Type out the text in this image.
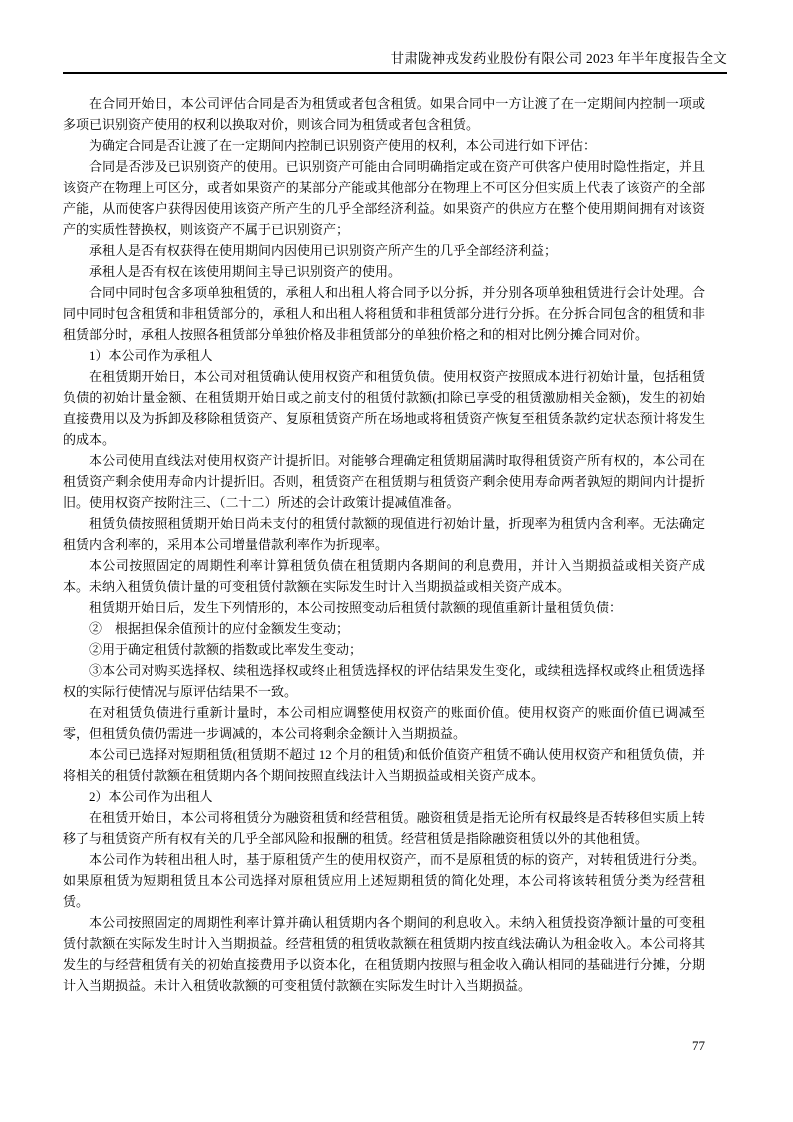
甘肃陇神戎发药业股份有限公司 2023 年半年度报告全文

在合同开始日，本公司评估合同是否为租赁或者包含租赁。如果合同中一方让渡了在一定期间内控制一项或多项已识别资产使用的权利以换取对价，则该合同为租赁或者包含租赁。

为确定合同是否让渡了在一定期间内控制已识别资产使用的权利，本公司进行如下评估：

合同是否涉及已识别资产的使用。已识别资产可能由合同明确指定或在资产可供客户使用时隐性指定，并且该资产在物理上可区分，或者如果资产的某部分产能或其他部分在物理上不可区分但实质上代表了该资产的全部产能，从而使客户获得因使用该资产所产生的几乎全部经济利益。如果资产的供应方在整个使用期间拥有对该资产的实质性替换权，则该资产不属于已识别资产；

承租人是否有权获得在使用期间内因使用已识别资产所产生的几乎全部经济利益；

承租人是否有权在该使用期间主导已识别资产的使用。

合同中同时包含多项单独租赁的，承租人和出租人将合同予以分拆，并分别各项单独租赁进行会计处理。合同中同时包含租赁和非租赁部分的，承租人和出租人将租赁和非租赁部分进行分拆。在分拆合同包含的租赁和非租赁部分时，承租人按照各租赁部分单独价格及非租赁部分的单独价格之和的相对比例分摊合同对价。

1）本公司作为承租人

在租赁期开始日，本公司对租赁确认使用权资产和租赁负债。使用权资产按照成本进行初始计量，包括租赁负债的初始计量金额、在租赁期开始日或之前支付的租赁付款额(扣除已享受的租赁激励相关金额)，发生的初始直接费用以及为拆卸及移除租赁资产、复原租赁资产所在场地或将租赁资产恢复至租赁条款约定状态预计将发生的成本。

本公司使用直线法对使用权资产计提折旧。对能够合理确定租赁期届满时取得租赁资产所有权的，本公司在租赁资产剩余使用寿命内计提折旧。否则，租赁资产在租赁期与租赁资产剩余使用寿命两者孰短的期间内计提折旧。使用权资产按附注三、（二十二）所述的会计政策计提减值准备。

租赁负债按照租赁期开始日尚未支付的租赁付款额的现值进行初始计量，折现率为租赁内含利率。无法确定租赁内含利率的，采用本公司增量借款利率作为折现率。

本公司按照固定的周期性利率计算租赁负债在租赁期内各期间的利息费用，并计入当期损益或相关资产成本。未纳入租赁负债计量的可变租赁付款额在实际发生时计入当期损益或相关资产成本。

租赁期开始日后，发生下列情形的，本公司按照变动后租赁付款额的现值重新计量租赁负债：

②　根据担保余值预计的应付金额发生变动；

②用于确定租赁付款额的指数或比率发生变动；

③本公司对购买选择权、续租选择权或终止租赁选择权的评估结果发生变化，或续租选择权或终止租赁选择权的实际行使情况与原评估结果不一致。

在对租赁负债进行重新计量时，本公司相应调整使用权资产的账面价值。使用权资产的账面价值已调减至零，但租赁负债仍需进一步调减的，本公司将剩余金额计入当期损益。

本公司已选择对短期租赁(租赁期不超过 12 个月的租赁)和低价值资产租赁不确认使用权资产和租赁负债，并将相关的租赁付款额在租赁期内各个期间按照直线法计入当期损益或相关资产成本。

2）本公司作为出租人

在租赁开始日，本公司将租赁分为融资租赁和经营租赁。融资租赁是指无论所有权最终是否转移但实质上转移了与租赁资产所有权有关的几乎全部风险和报酬的租赁。经营租赁是指除融资租赁以外的其他租赁。

本公司作为转租出租人时，基于原租赁产生的使用权资产，而不是原租赁的标的资产，对转租赁进行分类。如果原租赁为短期租赁且本公司选择对原租赁应用上述短期租赁的简化处理，本公司将该转租赁分类为经营租赁。

本公司按照固定的周期性利率计算并确认租赁期内各个期间的利息收入。未纳入租赁投资净额计量的可变租赁付款额在实际发生时计入当期损益。经营租赁的租赁收款额在租赁期内按直线法确认为租金收入。本公司将其发生的与经营租赁有关的初始直接费用予以资本化，在租赁期内按照与租金收入确认相同的基础进行分摊，分期计入当期损益。未计入租赁收款额的可变租赁付款额在实际发生时计入当期损益。

77
